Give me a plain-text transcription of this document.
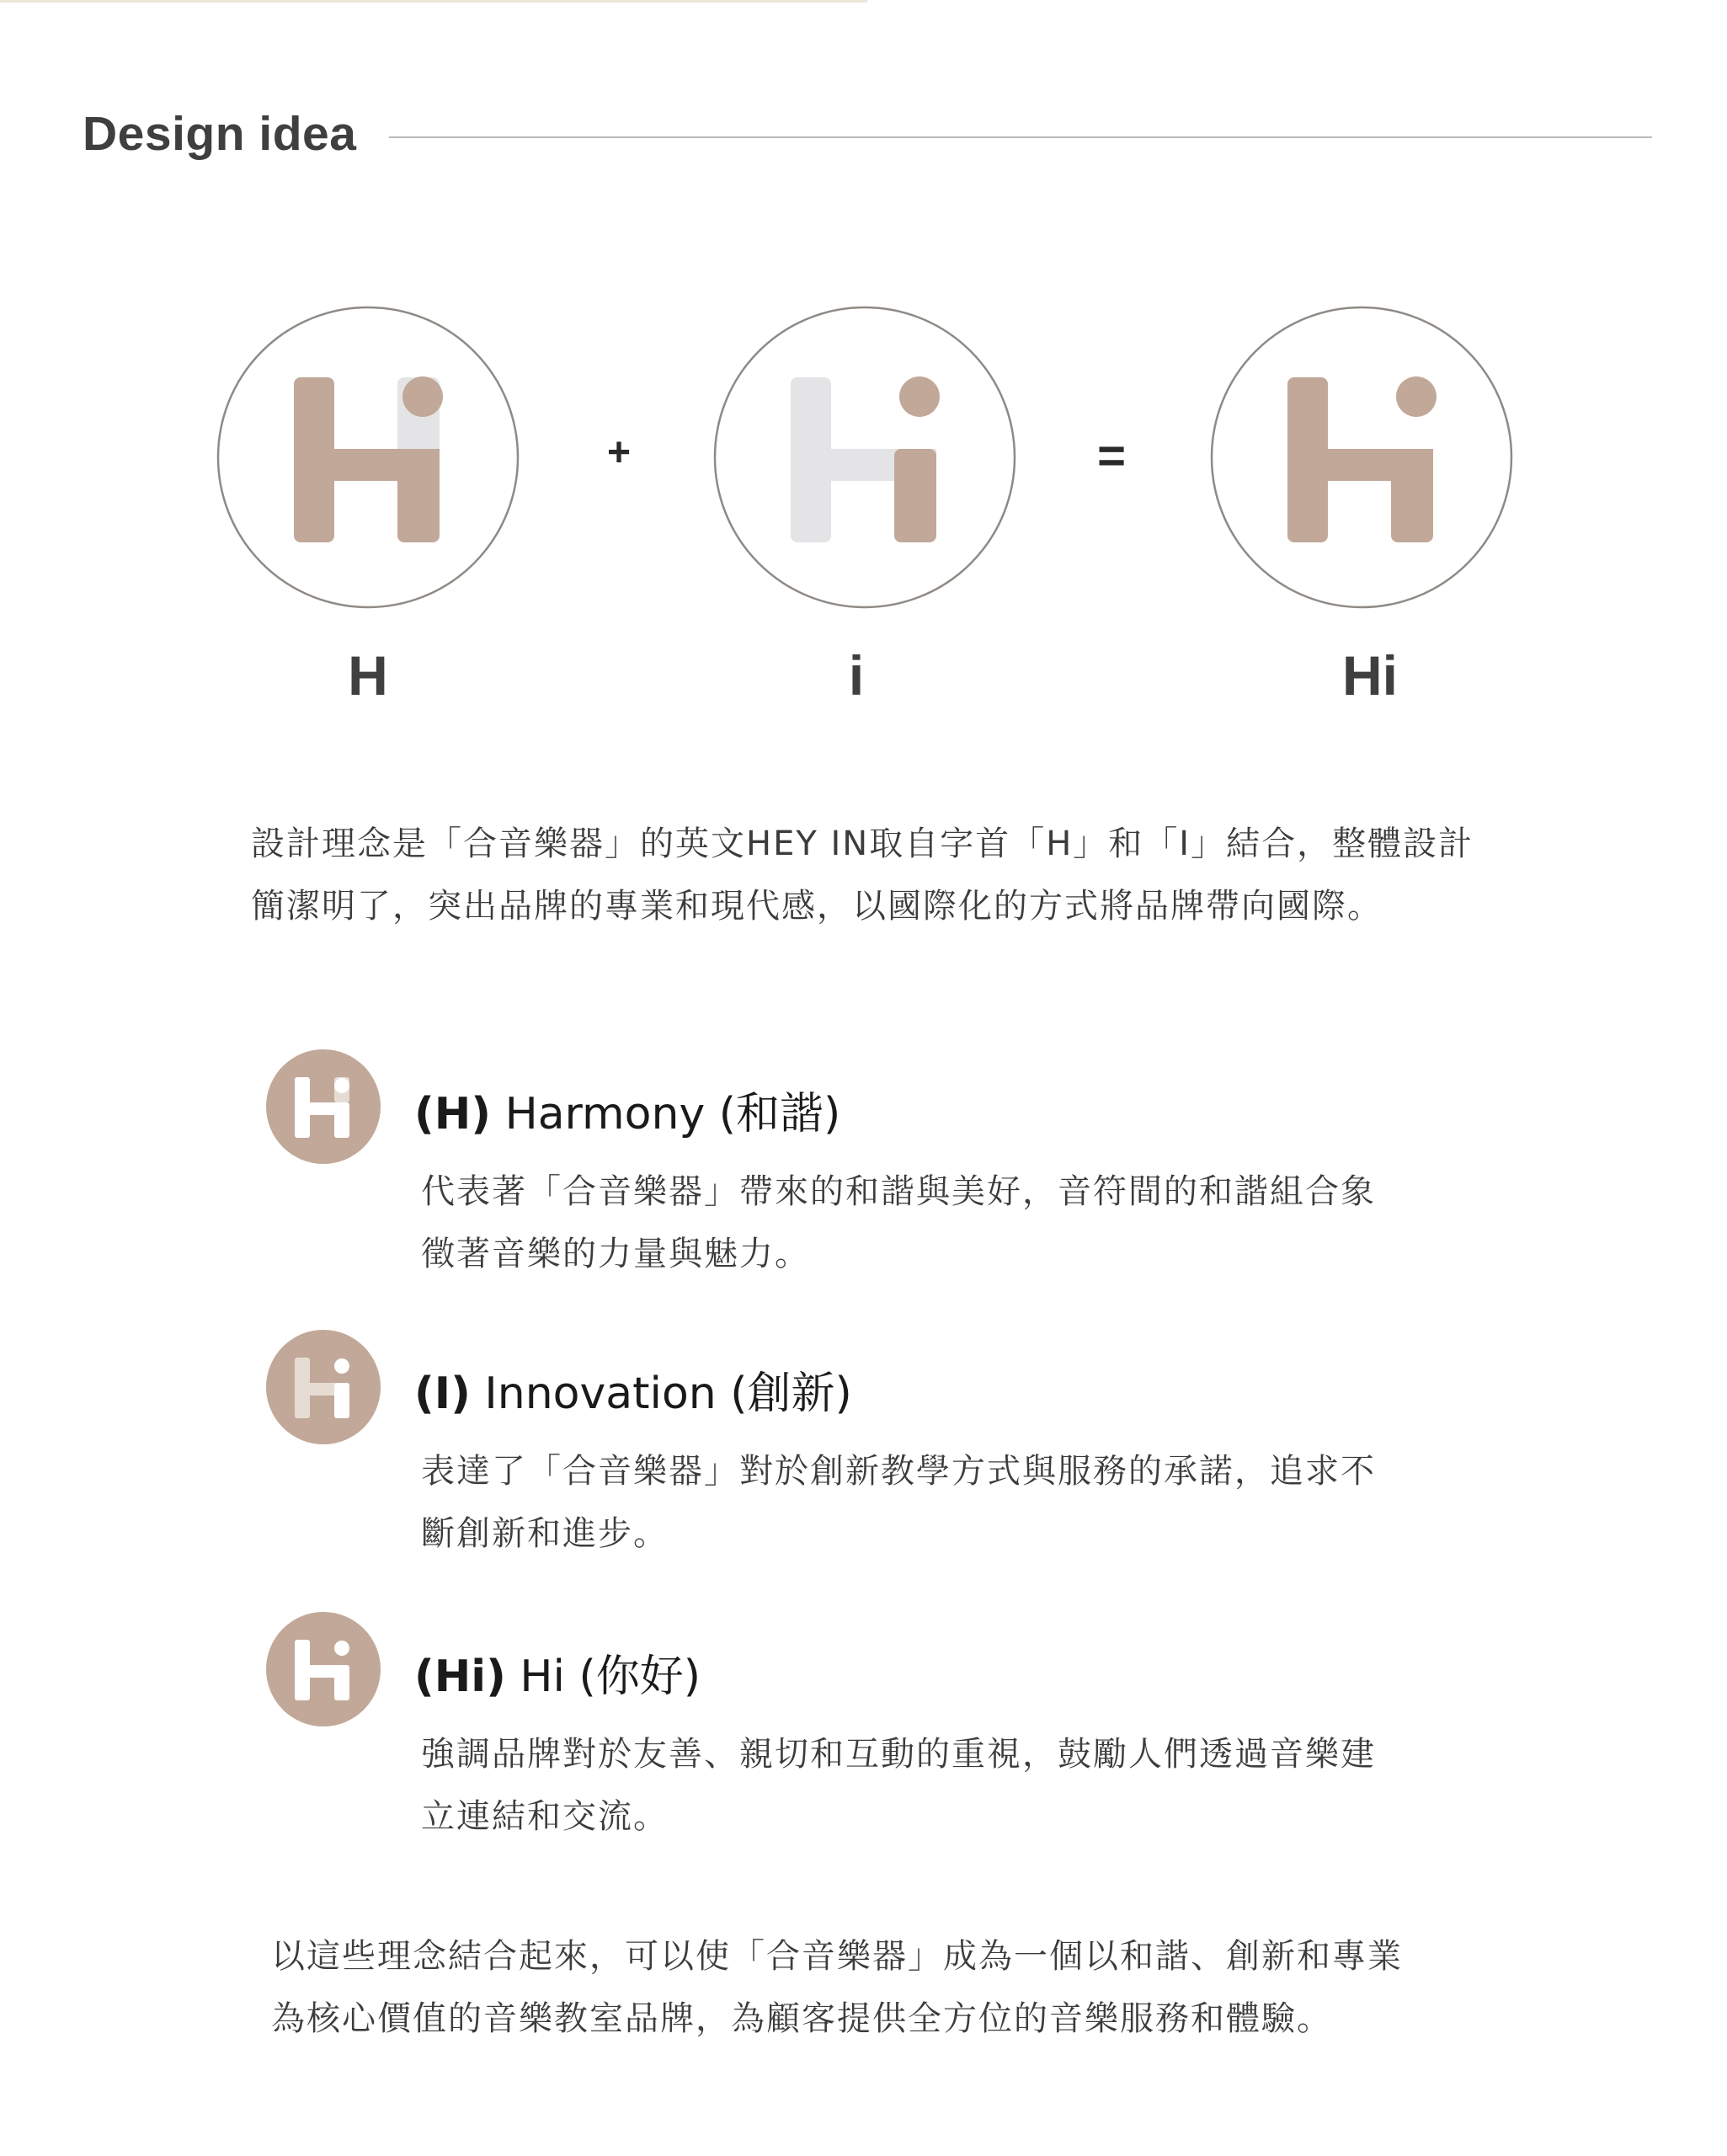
Design idea
+	=
H	i	Hi
設計理念是「合音樂器」的英文HEY IN取自字首「H」和「I」結合，整體設計
簡潔明了，突出品牌的專業和現代感，以國際化的方式將品牌帶向國際。
(H) Harmony (和諧)
代表著「合音樂器」帶來的和諧與美好，音符間的和諧組合象
徵著音樂的力量與魅力。
(I) Innovation (創新)
表達了「合音樂器」對於創新教學方式與服務的承諾，追求不
斷創新和進步。
(Hi) Hi (你好)
強調品牌對於友善、親切和互動的重視，鼓勵人們透過音樂建
立連結和交流。
以這些理念結合起來，可以使「合音樂器」成為一個以和諧、創新和專業
為核心價值的音樂教室品牌，為顧客提供全方位的音樂服務和體驗。
